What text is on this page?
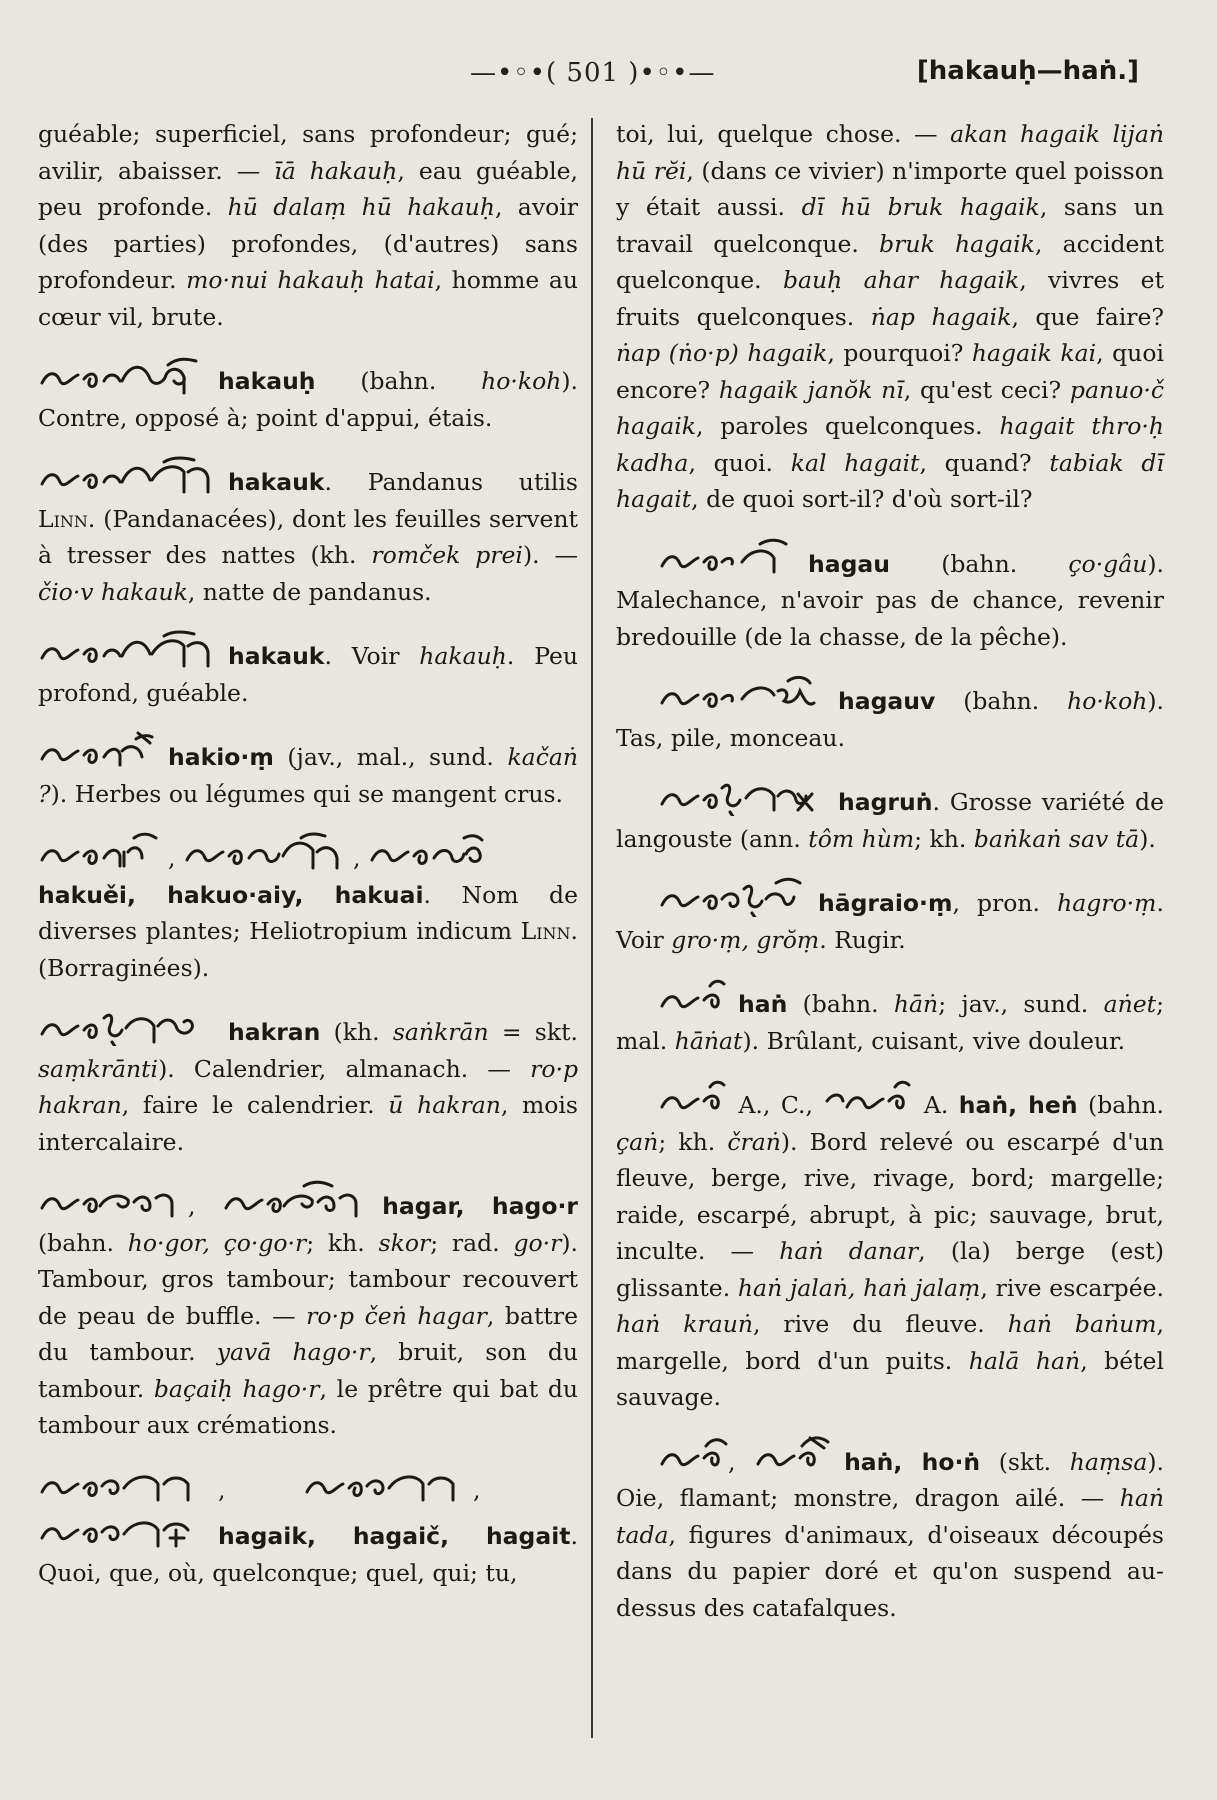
—•◦•( 501 )•◦•—	[hakauḥ—haṅ.]

guéable; superficiel, sans profondeur; gué; avilir, abaisser. — īā hakauḥ, eau guéable, peu profonde. hū dalaṃ hū hakauḥ, avoir (des parties) profondes, (d'autres) sans profondeur. mo·nui hakauḥ hatai, homme au cœur vil, brute.

hakauḥ (bahn. ho·koh). Contre, opposé à; point d'appui, étais.

hakauk. Pandanus utilis Linn. (Pandanacées), dont les feuilles servent à tresser des nattes (kh. romček prei). — čio·v hakauk, natte de pandanus.

hakauk. Voir hakauḥ. Peu profond, guéable.

hakio·ṃ (jav., mal., sund. kačaṅ ?). Herbes ou légumes qui se mangent crus.

,	,

hakuěi, hakuo·aiy, hakuai. Nom de diverses plantes; Heliotropium indicum Linn. (Borraginées).

hakran (kh. saṅkrān = skt. saṃkrānti). Calendrier, almanach. — ro·p hakran, faire le calendrier. ū hakran, mois intercalaire.

,	hagar, hago·r (bahn. ho·gor, ço·go·r; kh. skor; rad. go·r). Tambour, gros tambour; tambour recouvert de peau de buffle. — ro·p čeṅ hagar, battre du tambour. yavā hago·r, bruit, son du tambour. baçaiḥ hago·r, le prêtre qui bat du tambour aux crémations.

,	,

hagaik, hagaič, hagait. Quoi, que, où, quelconque; quel, qui; tu,

toi, lui, quelque chose. — akan hagaik lijaṅ hū rĕi, (dans ce vivier) n'importe quel poisson y était aussi. dī hū bruk hagaik, sans un travail quelconque. bruk hagaik, accident quelconque. bauḥ ahar hagaik, vivres et fruits quelconques. ṅap hagaik, que faire? ṅap (ṅo·p) hagaik, pourquoi? hagaik kai, quoi encore? hagaik janŏk nī, qu'est ceci? panuo·č hagaik, paroles quelconques. hagait thro·ḥ kadha, quoi. kal hagait, quand? tabiak dī hagait, de quoi sort-il? d'où sort-il?

hagau (bahn. ço·gâu). Malechance, n'avoir pas de chance, revenir bredouille (de la chasse, de la pêche).

hagauv (bahn. ho·koh). Tas, pile, monceau.

hagruṅ. Grosse variété de langouste (ann. tôm hùm; kh. baṅkaṅ sav tā).

hāgraio·ṃ, pron. hagro·ṃ. Voir gro·ṃ, grŏṃ. Rugir.

haṅ (bahn. hāṅ; jav., sund. aṅet; mal. hāṅat). Brûlant, cuisant, vive douleur.

A., C.,	A. haṅ, heṅ (bahn. çaṅ; kh. čraṅ). Bord relevé ou escarpé d'un fleuve, berge, rive, rivage, bord; margelle; raide, escarpé, abrupt, à pic; sauvage, brut, inculte. — haṅ danar, (la) berge (est) glissante. haṅ jalaṅ, haṅ jalaṃ, rive escarpée. haṅ krauṅ, rive du fleuve. haṅ baṅum, margelle, bord d'un puits. halā haṅ, bétel sauvage.

,	haṅ, ho·ṅ (skt. haṃsa). Oie, flamant; monstre, dragon ailé. — haṅ tada, figures d'animaux, d'oiseaux découpés dans du papier doré et qu'on suspend au-dessus des catafalques.
